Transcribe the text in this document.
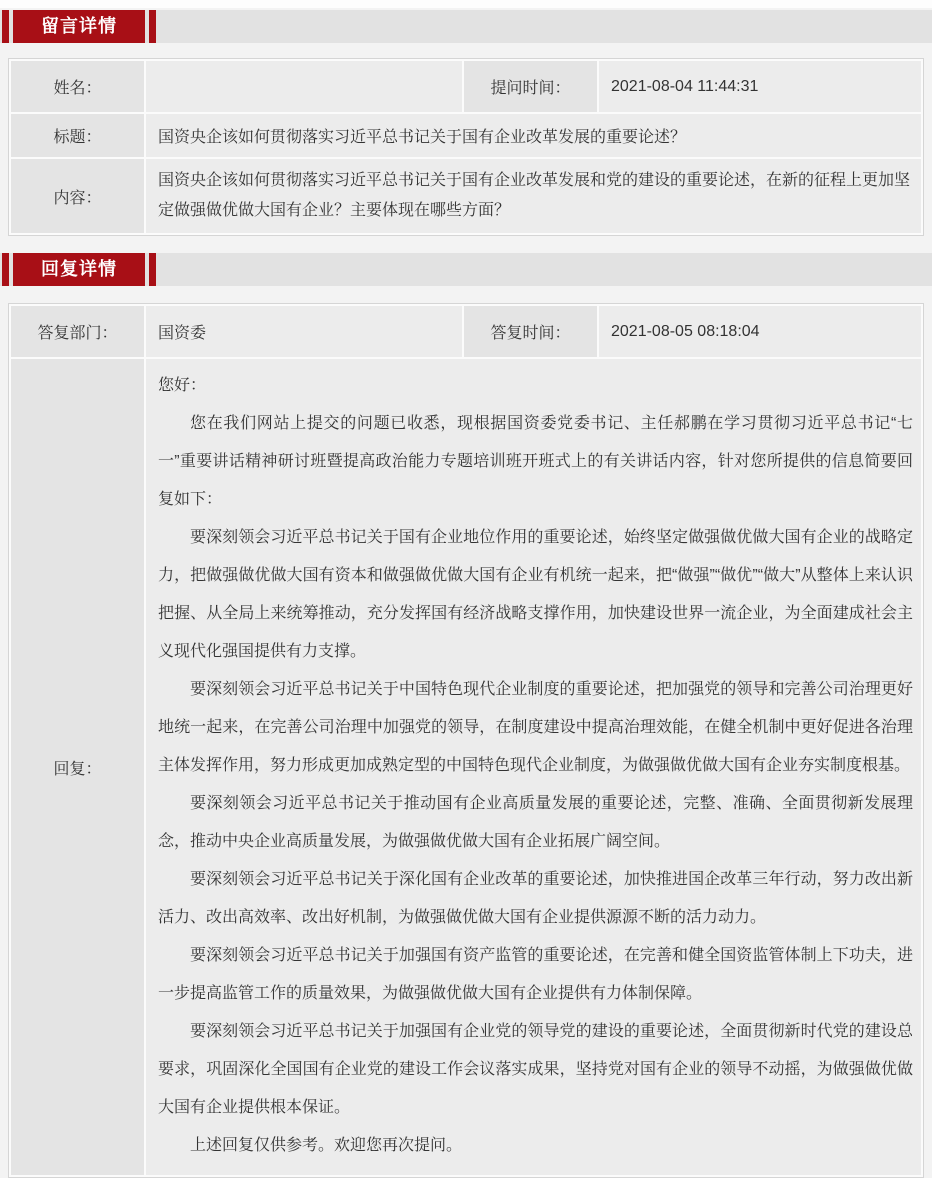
留言详情
姓名：		提问时间：	2021-08-04 11:44:31
标题：	国资央企该如何贯彻落实习近平总书记关于国有企业改革发展的重要论述？		
内容：	国资央企该如何贯彻落实习近平总书记关于国有企业改革发展和党的建设的重要论述，在新的征程上更加坚定做强做优做大国有企业？主要体现在哪些方面？		
回复详情
答复部门：	国资委	答复时间：	2021-08-05 08:18:04
回复：	

您好：

您在我们网站上提交的问题已收悉，现根据国资委党委书记、主任郝鹏在学习贯彻习近平总书记“七一”重要讲话精神研讨班暨提高政治能力专题培训班开班式上的有关讲话内容，针对您所提供的信息简要回复如下：

要深刻领会习近平总书记关于国有企业地位作用的重要论述，始终坚定做强做优做大国有企业的战略定力，把做强做优做大国有资本和做强做优做大国有企业有机统一起来，把“做强”“做优”“做大”从整体上来认识把握、从全局上来统筹推动，充分发挥国有经济战略支撑作用，加快建设世界一流企业，为全面建成社会主义现代化强国提供有力支撑。

要深刻领会习近平总书记关于中国特色现代企业制度的重要论述，把加强党的领导和完善公司治理更好地统一起来，在完善公司治理中加强党的领导，在制度建设中提高治理效能，在健全机制中更好促进各治理主体发挥作用，努力形成更加成熟定型的中国特色现代企业制度，为做强做优做大国有企业夯实制度根基。

要深刻领会习近平总书记关于推动国有企业高质量发展的重要论述，完整、准确、全面贯彻新发展理念，推动中央企业高质量发展，为做强做优做大国有企业拓展广阔空间。

要深刻领会习近平总书记关于深化国有企业改革的重要论述，加快推进国企改革三年行动，努力改出新活力、改出高效率、改出好机制，为做强做优做大国有企业提供源源不断的活力动力。

要深刻领会习近平总书记关于加强国有资产监管的重要论述，在完善和健全国资监管体制上下功夫，进一步提高监管工作的质量效果，为做强做优做大国有企业提供有力体制保障。

要深刻领会习近平总书记关于加强国有企业党的领导党的建设的重要论述，全面贯彻新时代党的建设总要求，巩固深化全国国有企业党的建设工作会议落实成果，坚持党对国有企业的领导不动摇，为做强做优做大国有企业提供根本保证。

上述回复仅供参考。欢迎您再次提问。
